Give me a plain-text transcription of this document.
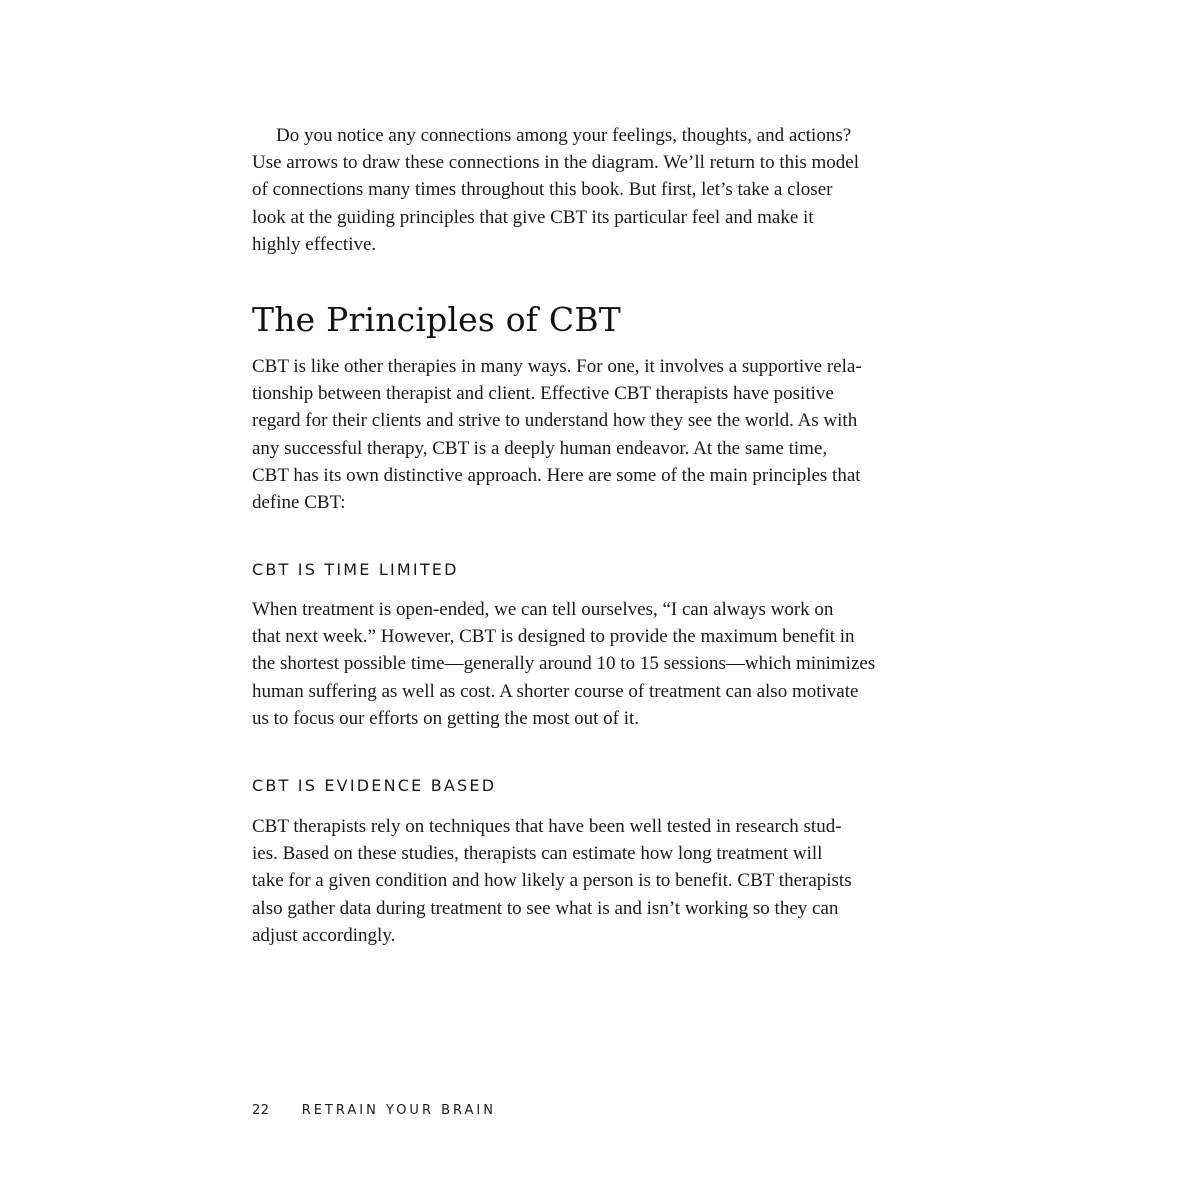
Do you notice any connections among your feelings, thoughts, and actions?
Use arrows to draw these connections in the diagram. We’ll return to this model
of connections many times throughout this book. But first, let’s take a closer
look at the guiding principles that give CBT its particular feel and make it
highly effective.

The Principles of CBT

CBT is like other therapies in many ways. For one, it involves a supportive rela-
tionship between therapist and client. Effective CBT therapists have positive
regard for their clients and strive to understand how they see the world. As with
any successful therapy, CBT is a deeply human endeavor. At the same time,
CBT has its own distinctive approach. Here are some of the main principles that
define CBT:

CBT IS TIME LIMITED

When treatment is open-ended, we can tell ourselves, “I can always work on
that next week.” However, CBT is designed to provide the maximum benefit in
the shortest possible time—generally around 10 to 15 sessions—which minimizes
human suffering as well as cost. A shorter course of treatment can also motivate
us to focus our efforts on getting the most out of it.

CBT IS EVIDENCE BASED

CBT therapists rely on techniques that have been well tested in research stud-
ies. Based on these studies, therapists can estimate how long treatment will
take for a given condition and how likely a person is to benefit. CBT therapists
also gather data during treatment to see what is and isn’t working so they can
adjust accordingly.

22 RETRAIN YOUR BRAIN
